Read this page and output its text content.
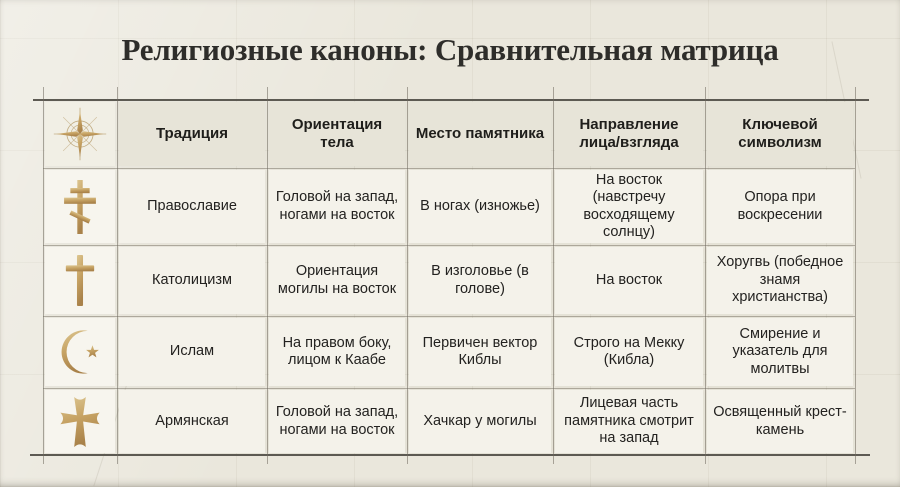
Религиозные каноны: Сравнительная матрица
Традиция
Ориентация тела
Место памятника
Направление лица/взгляда
Ключевой символизм
Православие
Головой на запад, ногами на восток
В ногах (изножье)
На восток (навстречу восходящему солнцу)
Опора при воскресении
Католицизм
Ориентация могилы на восток
В изголовье (в голове)
На восток
Хоругвь (победное знамя христианства)
Ислам
На правом боку, лицом к Каабе
Первичен вектор Киблы
Строго на Мекку (Кибла)
Смирение и указатель для молитвы
Армянская
Головой на запад, ногами на восток
Хачкар у могилы
Лицевая часть памятника смотрит на запад
Освященный крест-камень
